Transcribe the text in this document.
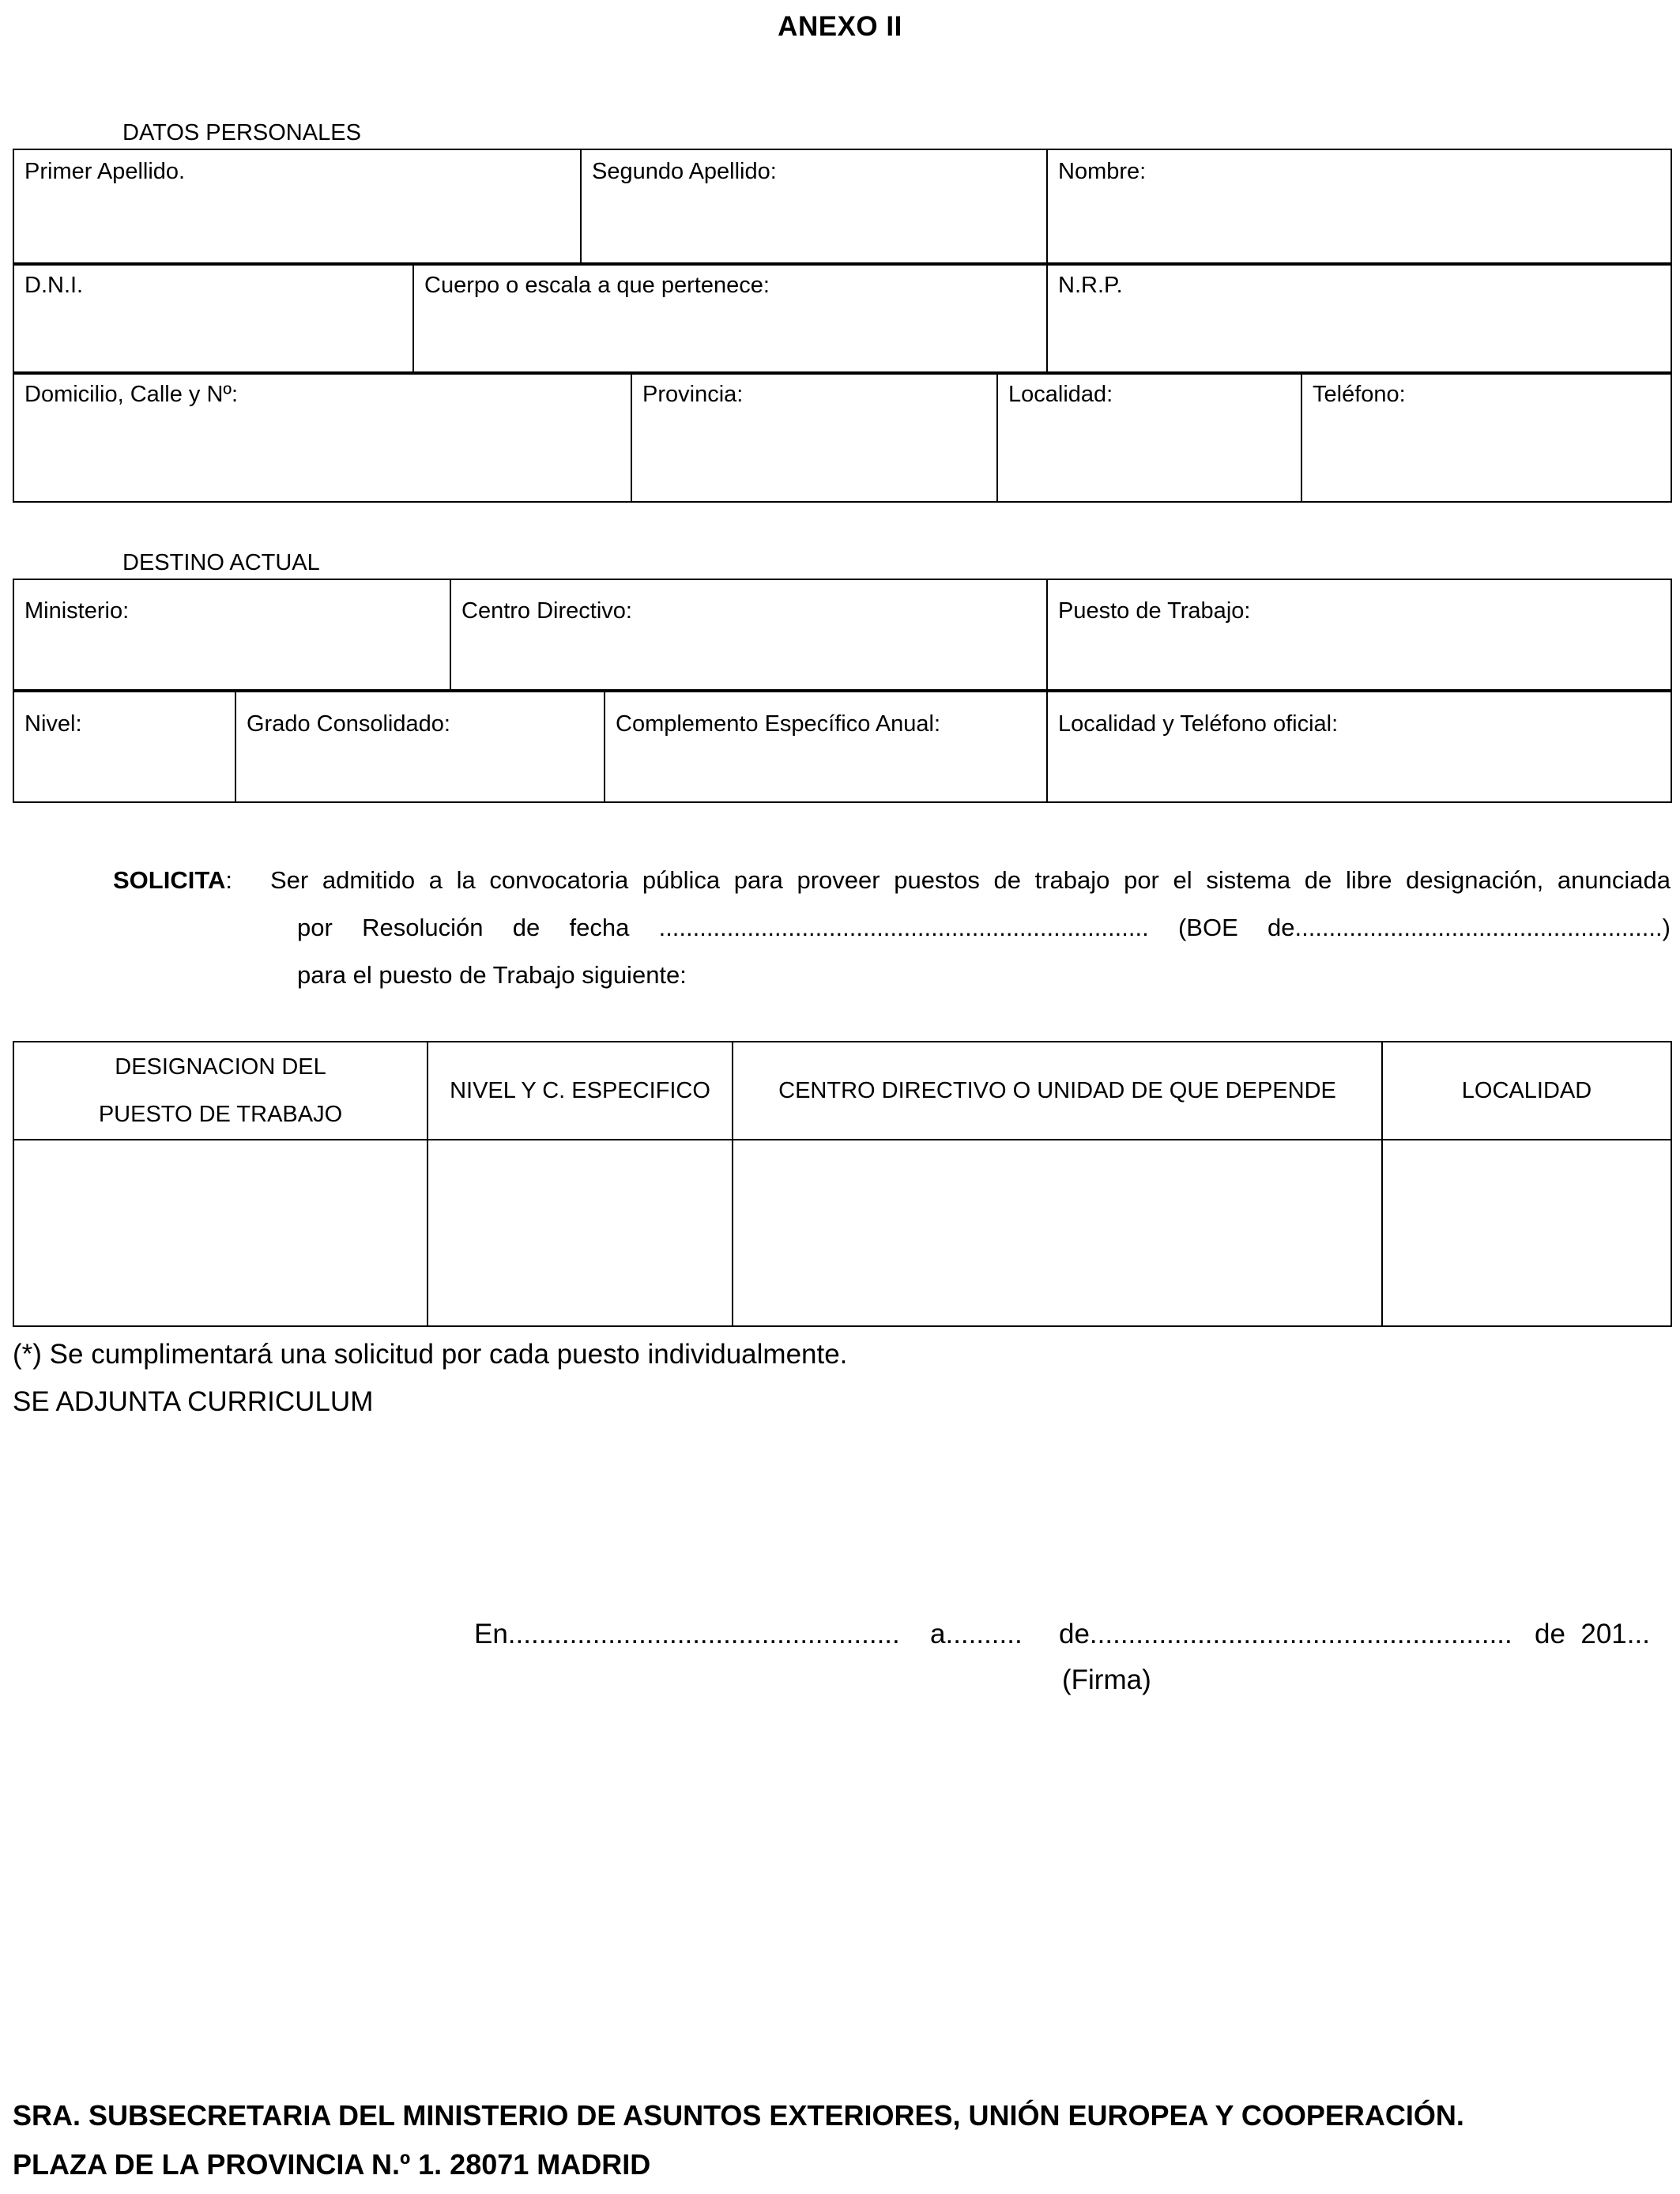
ANEXO II
DATOS PERSONALES
Primer Apellido.	Segundo Apellido:	Nombre:
D.N.I.	Cuerpo o escala a que pertenece:	N.R.P.
Domicilio, Calle y Nº:	Provincia:	Localidad:	Teléfono:
DESTINO ACTUAL
Ministerio:	Centro Directivo:	Puesto de Trabajo:
Nivel:	Grado Consolidado:	Complemento Específico Anual:	Localidad y Teléfono oficial:
SOLICITA: Ser admitido a la convocatoria pública para proveer puestos de trabajo por el sistema de libre designación, anunciada
por Resolución de fecha ........................................................................ (BOE de......................................................)
para el puesto de Trabajo siguiente:
DESIGNACION DEL
PUESTO DE TRABAJO	NIVEL Y C. ESPECIFICO	CENTRO DIRECTIVO O UNIDAD DE QUE DEPENDE	LOCALIDAD

(*) Se cumplimentará una solicitud por cada puesto individualmente.
SE ADJUNTA CURRICULUM
En................................................... a.......... de....................................................... de  201...
(Firma)
SRA. SUBSECRETARIA DEL MINISTERIO DE ASUNTOS EXTERIORES, UNIÓN EUROPEA Y COOPERACIÓN.
PLAZA DE LA PROVINCIA N.º 1. 28071 MADRID
